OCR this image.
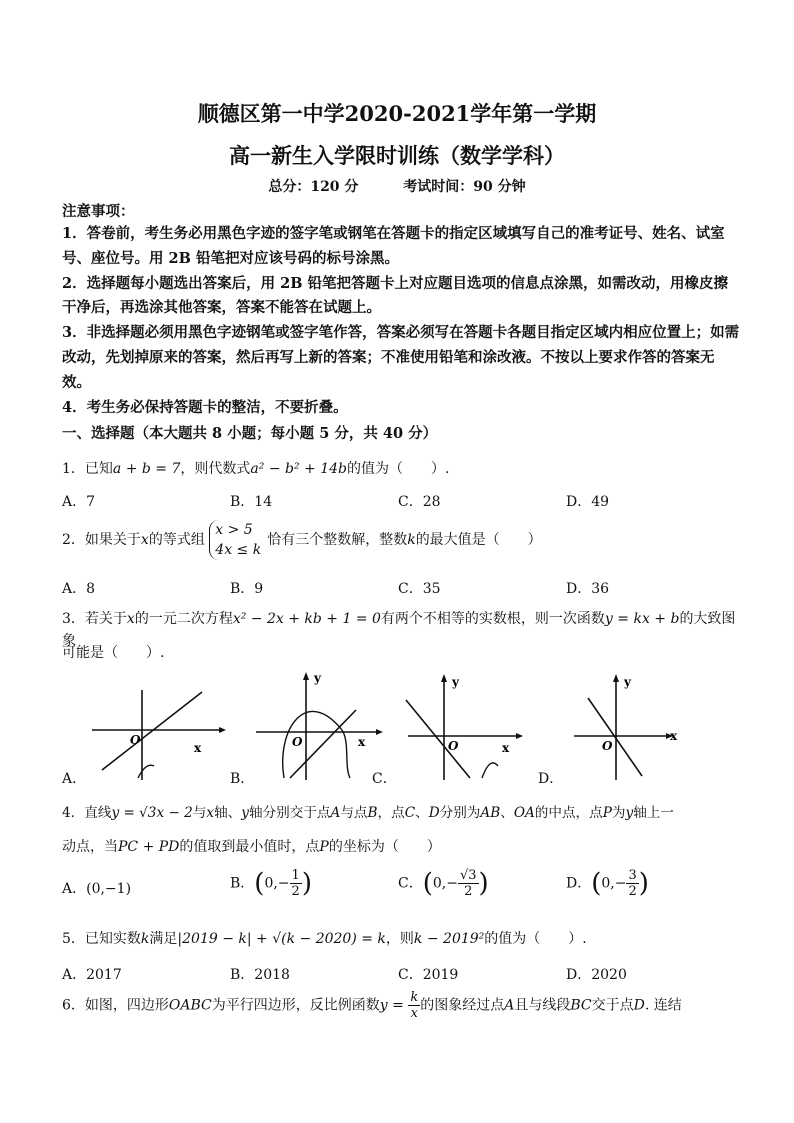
顺德区第一中学2020-2021学年第一学期
高一新生入学限时训练（数学学科）
总分：120 分	考试时间：90 分钟
注意事项：

1．答卷前，考生务必用黑色字迹的签字笔或钢笔在答题卡的指定区域填写自己的准考证号、姓名、试室号、座位号。用 2B 铅笔把对应该号码的标号涂黑。

2．选择题每小题选出答案后，用 2B 铅笔把答题卡上对应题目选项的信息点涂黑，如需改动，用橡皮擦干净后，再选涂其他答案，答案不能答在试题上。

3．非选择题必须用黑色字迹钢笔或签字笔作答，答案必须写在答题卡各题目指定区域内相应位置上；如需改动，先划掉原来的答案，然后再写上新的答案；不准使用铅笔和涂改液。不按以上要求作答的答案无效。

4．考生务必保持答题卡的整洁，不要折叠。

一、选择题（本大题共 8 小题；每小题 5 分，共 40 分）
1．已知a + b = 7，则代数式a² − b² + 14b的值为（　　）.
A．7	B．14	C．28	D．49
2．如果关于x的等式组
x > 5
4x ≤ k
恰有三个整数解，整数k的最大值是（　　）
A．8	B．9	C．35	D．36
3．若关于x的一元二次方程x² − 2x + kb + 1 = 0有两个不相等的实数根，则一次函数y = kx + b的大致图象
可能是（　　）.
O
x
y
O	x
y
O	x
y
O
x
A．	B．	C．	D．
4．直线y = √3x − 2与x轴、y轴分别交于点A与点B，点C、D分别为AB、OA的中点，点P为y轴上一
动点，当PC + PD的值取到最小值时，点P的坐标为（　　）
A．(0,−1)	B．($0,- \frac{1}{2}$ )	C．($0,- \frac{√3}{2}$ )	D．($0,- \frac{3}{2}$ )
5．已知实数k满足|2019 − k| + √(k − 2020) = k，则k − 2019²的值为（　　）.
A．2017	B．2018	C．2019	D．2020
6．如图，四边形OABC为平行四边形，反比例函数$y = \frac{k}{x}$ 的图象经过点A且与线段BC交于点D. 连结
